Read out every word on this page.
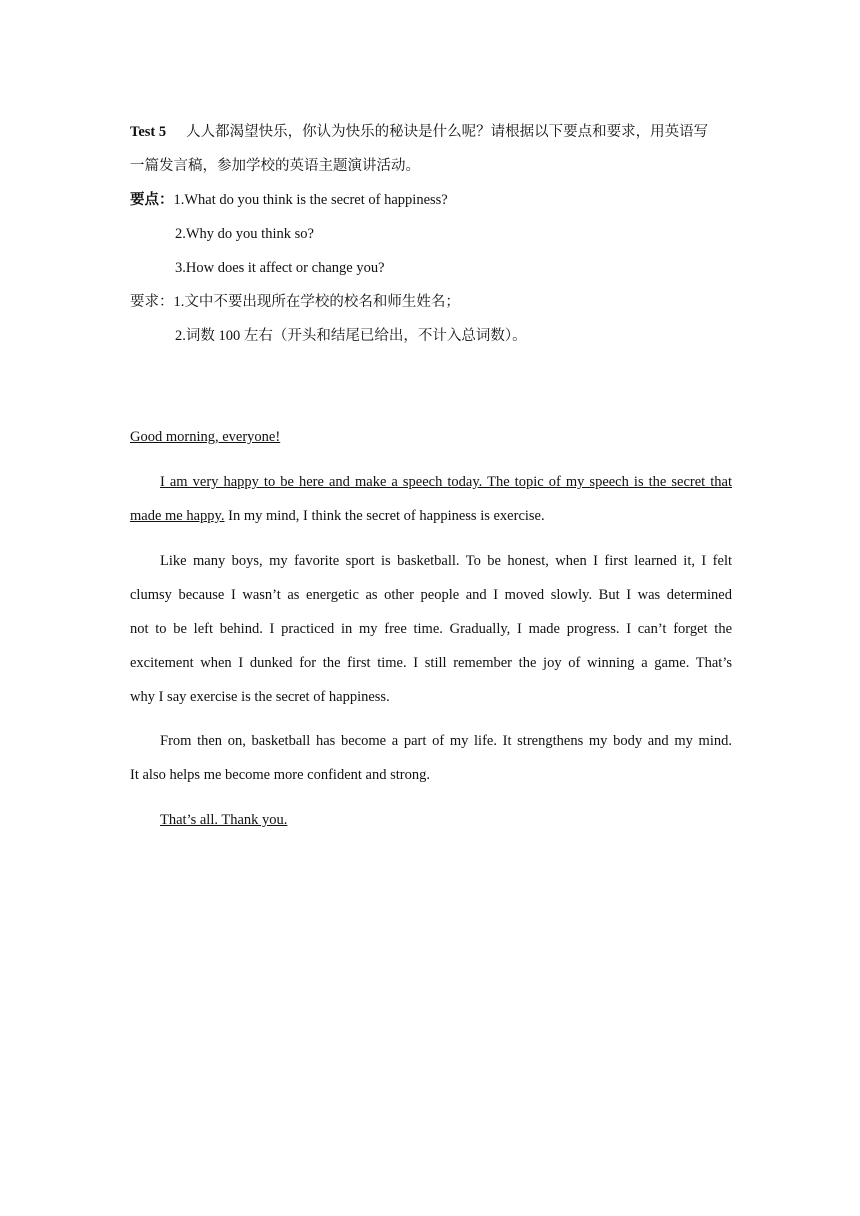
Test 5 人人都渴望快乐，你认为快乐的秘诀是什么呢？请根据以下要点和要求，用英语写
一篇发言稿，参加学校的英语主题演讲活动。
要点：1.What do you think is the secret of happiness?
2.Why do you think so?
3.How does it affect or change you?
要求：1.文中不要出现所在学校的校名和师生姓名；
2.词数 100 左右（开头和结尾已给出，不计入总词数）。
Good morning, everyone!
I am very happy to be here and make a speech today. The topic of my speech is the secret that
made me happy. In my mind, I think the secret of happiness is exercise.
Like many boys, my favorite sport is basketball. To be honest, when I first learned it, I felt
clumsy because I wasn’t as energetic as other people and I moved slowly. But I was determined
not to be left behind. I practiced in my free time. Gradually, I made progress. I can’t forget the
excitement when I dunked for the first time. I still remember the joy of winning a game. That’s
why I say exercise is the secret of happiness.
From then on, basketball has become a part of my life. It strengthens my body and my mind.
It also helps me become more confident and strong.
That’s all. Thank you.
